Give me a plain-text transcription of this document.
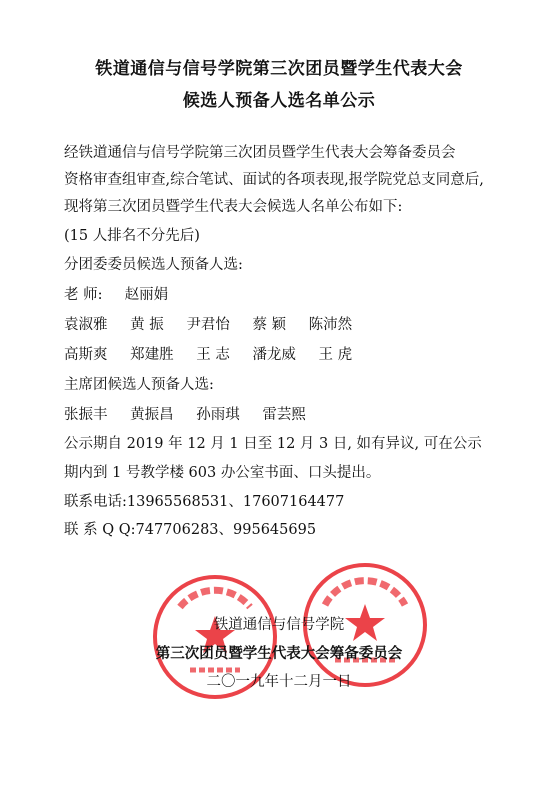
铁道通信与信号学院第三次团员暨学生代表大会
候选人预备人选名单公示
经铁道通信与信号学院第三次团员暨学生代表大会筹备委员会
资格审查组审查,综合笔试、面试的各项表现,报学院党总支同意后,
现将第三次团员暨学生代表大会候选人名单公布如下:
(15 人排名不分先后)
分团委委员候选人预备人选:
老 师: 赵丽娟
袁淑雅 黄 振 尹君怡 蔡 颖 陈沛然
高斯爽 郑建胜 王 志 潘龙威 王 虎
主席团候选人预备人选:
张振丰 黄振昌 孙雨琪 雷芸熙
公示期自 2019 年 12 月 1 日至 12 月 3 日, 如有异议, 可在公示
期内到 1 号教学楼 603 办公室书面、口头提出。
联系电话:13965568531、17607164477
联 系 Q Q:747706283、995645695
铁道通信与信号学院
第三次团员暨学生代表大会筹备委员会
二〇一九年十二月一日
